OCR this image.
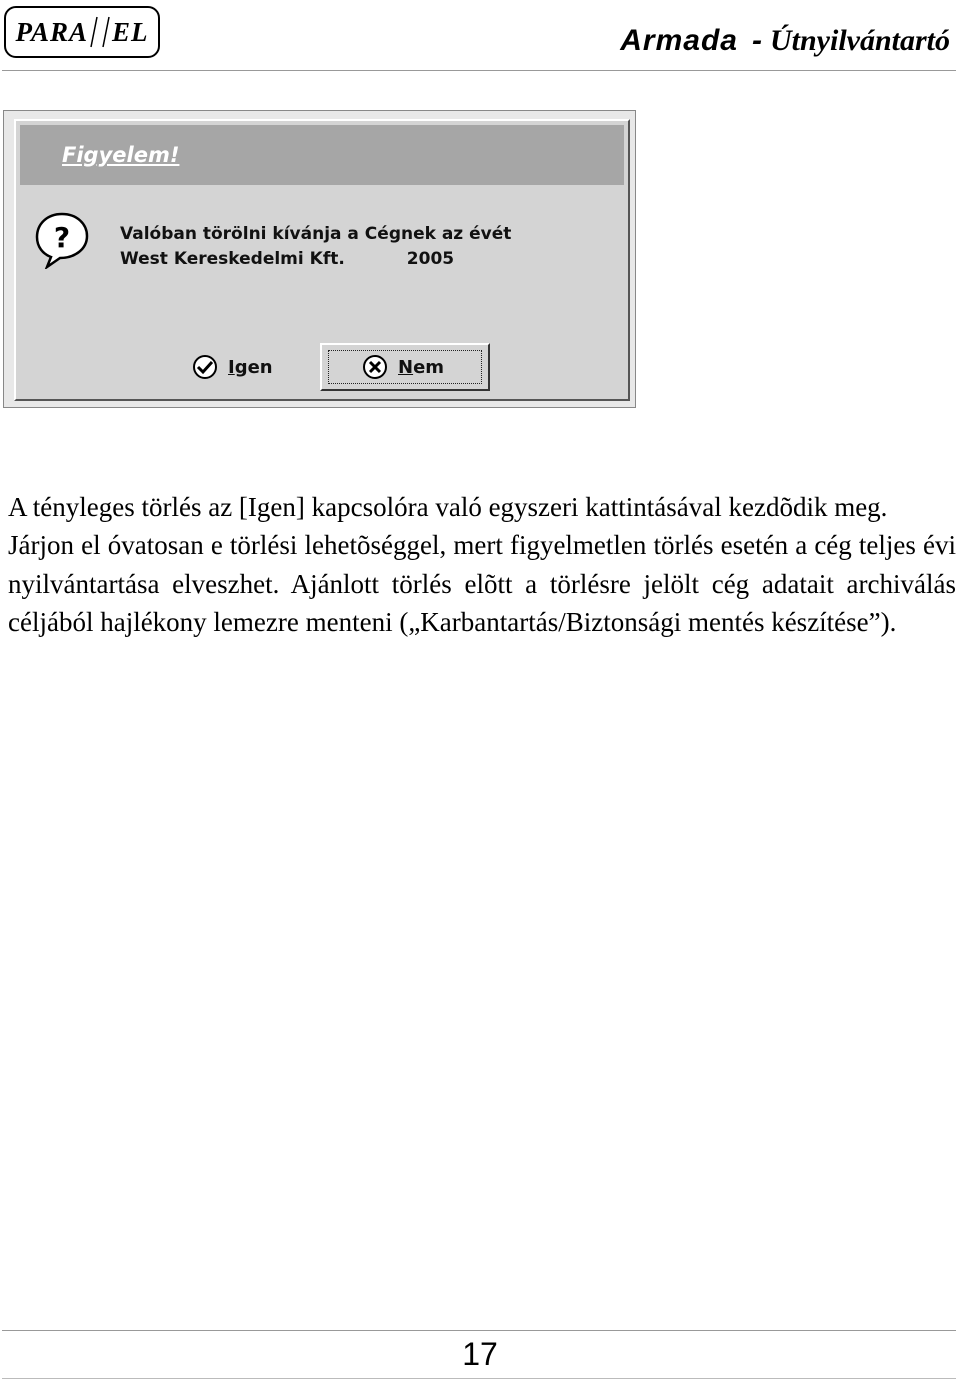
PARA EL	Armada - Útnyilvántartó
Figyelem!
?	Valóban törölni kívánja a Cégnek az évét
West Kereskedelmi Kft.	2005
I gen	N em

A tényleges törlés az [Igen] kapcsolóra való egyszeri kattintásával kezdõdik meg.

Járjon el óvatosan e törlési lehetõséggel, mert figyelmetlen törlés esetén a cég teljes évi nyilvántartása elveszhet. Ajánlott törlés elõtt a törlésre jelölt cég adatait archiválás céljából hajlékony lemezre menteni („Karbantartás/Biztonsági mentés készítése”).

17
